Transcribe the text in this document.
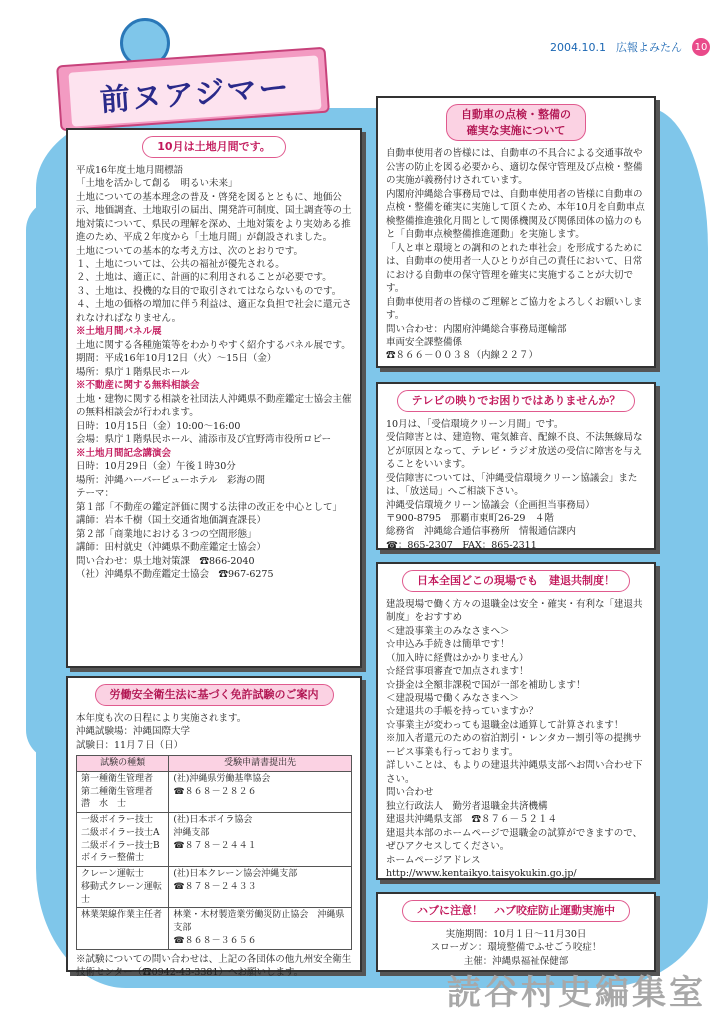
2004.10.1 広報よみたん 10
前ヌアジマー
10月は土地月間です。
平成16年度土地月間標語
「土地を活かして創る　明るい未来」
土地についての基本理念の普及・啓発を図るとともに、地価公示、地価調査、土地取引の届出、開発許可制度、国土調査等の土地対策について、県民の理解を深め、土地対策をより実効ある推進のため、平成２年度から「土地月間」が創設されました。
土地についての基本的な考え方は、次のとおりです。
１、土地については、公共の福祉が優先される。
２、土地は、適正に、計画的に利用されることが必要です。
３、土地は、投機的な目的で取引されてはならないものです。
４、土地の価格の増加に伴う利益は、適正な負担で社会に還元されなければなりません。
※土地月間パネル展
土地に関する各種施策等をわかりやすく紹介するパネル展です。
期間：平成16年10月12日（火）～15日（金）
場所：県庁１階県民ホール
※不動産に関する無料相談会
土地・建物に関する相談を社団法人沖縄県不動産鑑定士協会主催の無料相談会が行われます。
日時：10月15日（金）10:00～16:00
会場：県庁１階県民ホール、浦添市及び宜野湾市役所ロビー
※土地月間記念講演会
日時：10月29日（金）午後１時30分
場所：沖縄ハーバービューホテル　彩海の間
テーマ：
第１部「不動産の鑑定評価に関する法律の改正を中心として」
講師：岩本千樹（国土交通省地価調査課長）
第２部「商業地における３つの空間形態」
講師：田村就史（沖縄県不動産鑑定士協会）
問い合わせ：県土地対策課　☎866-2040
（社）沖縄県不動産鑑定士協会　☎967-6275
労働安全衛生法に基づく免許試験のご案内
本年度も次の日程により実施されます。
沖縄試験場：沖縄国際大学
試験日：11月７日（日）
試験の種類	受験申請書提出先
第一種衛生管理者
第二種衛生管理者
潜　水　士	(社)沖縄県労働基準協会
☎８６８－２８２６
一級ボイラー技士
二級ボイラー技士A
二級ボイラー技士B
ボイラー整備士	(社)日本ボイラ協会
沖縄支部
☎８７８－２４４１
クレーン運転士
移動式クレーン運転士	(社)日本クレーン協会沖縄支部
☎８７８－２４３３
林業架線作業主任者	林業・木材製造業労働災防止協会　沖縄県支部
☎８６８－３６５６
※試験についての問い合わせは、上記の各団体の他九州安全衛生技術センター（☎0942-43-3381）へお願いします。
自動車の点検・整備の
確実な実施について
自動車使用者の皆様には、自動車の不具合による交通事故や公害の防止を図る必要から、適切な保守管理及び点検・整備の実施が義務付けされています。
内閣府沖縄総合事務局では、自動車使用者の皆様に自動車の点検・整備を確実に実施して頂くため、本年10月を自動車点検整備推進強化月間として関係機関及び関係団体の協力のもと「自動車点検整備推進運動」を実施します。
「人と車と環境との調和のとれた車社会」を形成するためには、自動車の使用者一人ひとりが自己の責任において、日常における自動車の保守管理を確実に実施することが大切です。
自動車使用者の皆様のご理解とご協力をよろしくお願いします。
問い合わせ：内閣府沖縄総合事務局運輸部
車両安全課整備係
☎８６６－００３８（内線２２７）
テレビの映りでお困りではありませんか？
10月は、「受信環境クリーン月間」です。
受信障害とは、建造物、電気雑音、配線不良、不法無線局などが原因となって、テレビ・ラジオ放送の受信に障害を与えることをいいます。
受信障害については、「沖縄受信環境クリーン協議会」または、「放送局」へご相談下さい。
沖縄受信環境クリーン協議会（企画担当事務局）
〒900-8795　那覇市東町26-29　４階
総務省　沖縄総合通信事務所　情報通信課内
☎：865-2307　FAX：865-2311
日本全国どこの現場でも　建退共制度！
建設現場で働く方々の退職金は安全・確実・有利な「建退共制度」をおすすめ
＜建設事業主のみなさまへ＞
☆申込み手続きは簡単です！
（加入時に経費はかかりません）
☆経営事項審査で加点されます！
☆掛金は全額非課税で国が一部を補助します！
＜建設現場で働くみなさまへ＞
☆建退共の手帳を持っていますか？
☆事業主が変わっても退職金は通算して計算されます！
※加入者還元のための宿泊割引・レンタカー割引等の提携サービス事業も行っております。
詳しいことは、もよりの建退共沖縄県支部へお問い合わせ下さい。
問い合わせ
独立行政法人　勤労者退職金共済機構
建退共沖縄県支部　☎８７６－５２１４
建退共本部のホームページで退職金の試算ができますので、ぜひアクセスしてください。
ホームページアドレス
http://www.kentaikyo.taisyokukin.go.jp/
ハブに注意！　ハブ咬症防止運動実施中
実施期間：10月１日～11月30日
スローガン：環境整備でふせごう咬症！
主催：沖縄県福祉保健部
読谷村史編集室
